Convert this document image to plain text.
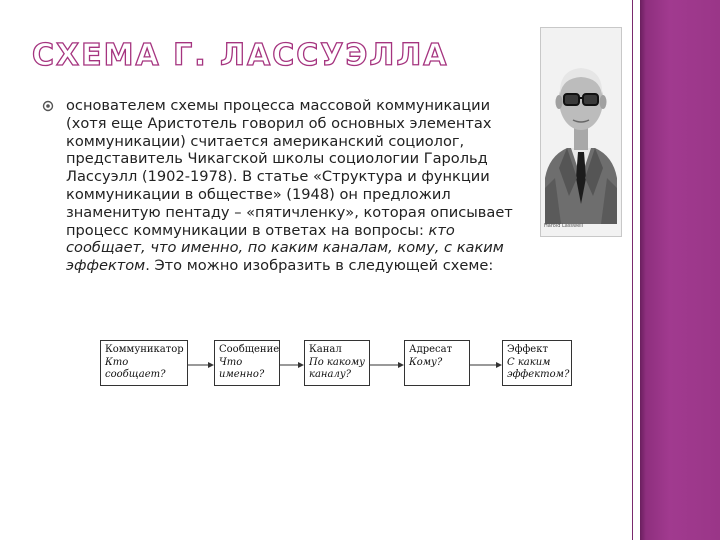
СХЕМА Г. ЛАССУЭЛЛА

основателем схемы процесса массовой коммуникации (хотя еще Аристотель говорил об основных элементах коммуникации) считается американский социолог, представитель Чикагской школы социологии Гарольд Лассуэлл (1902-1978). В статье «Структура и функции коммуникации в обществе» (1948) он предложил знаменитую пентаду – «пятичленку», которая описывает процесс коммуникации в ответах на вопросы: кто сообщает, что именно, по каким каналам, кому, с каким эффектом. Это можно изобразить в следующей схеме:

Harold Lasswell
Коммуникатор
Кто сообщает?
Сообщение
Что именно?
Канал
По какому каналу?
Адресат
Кому?
Эффект
С каким эффектом?
